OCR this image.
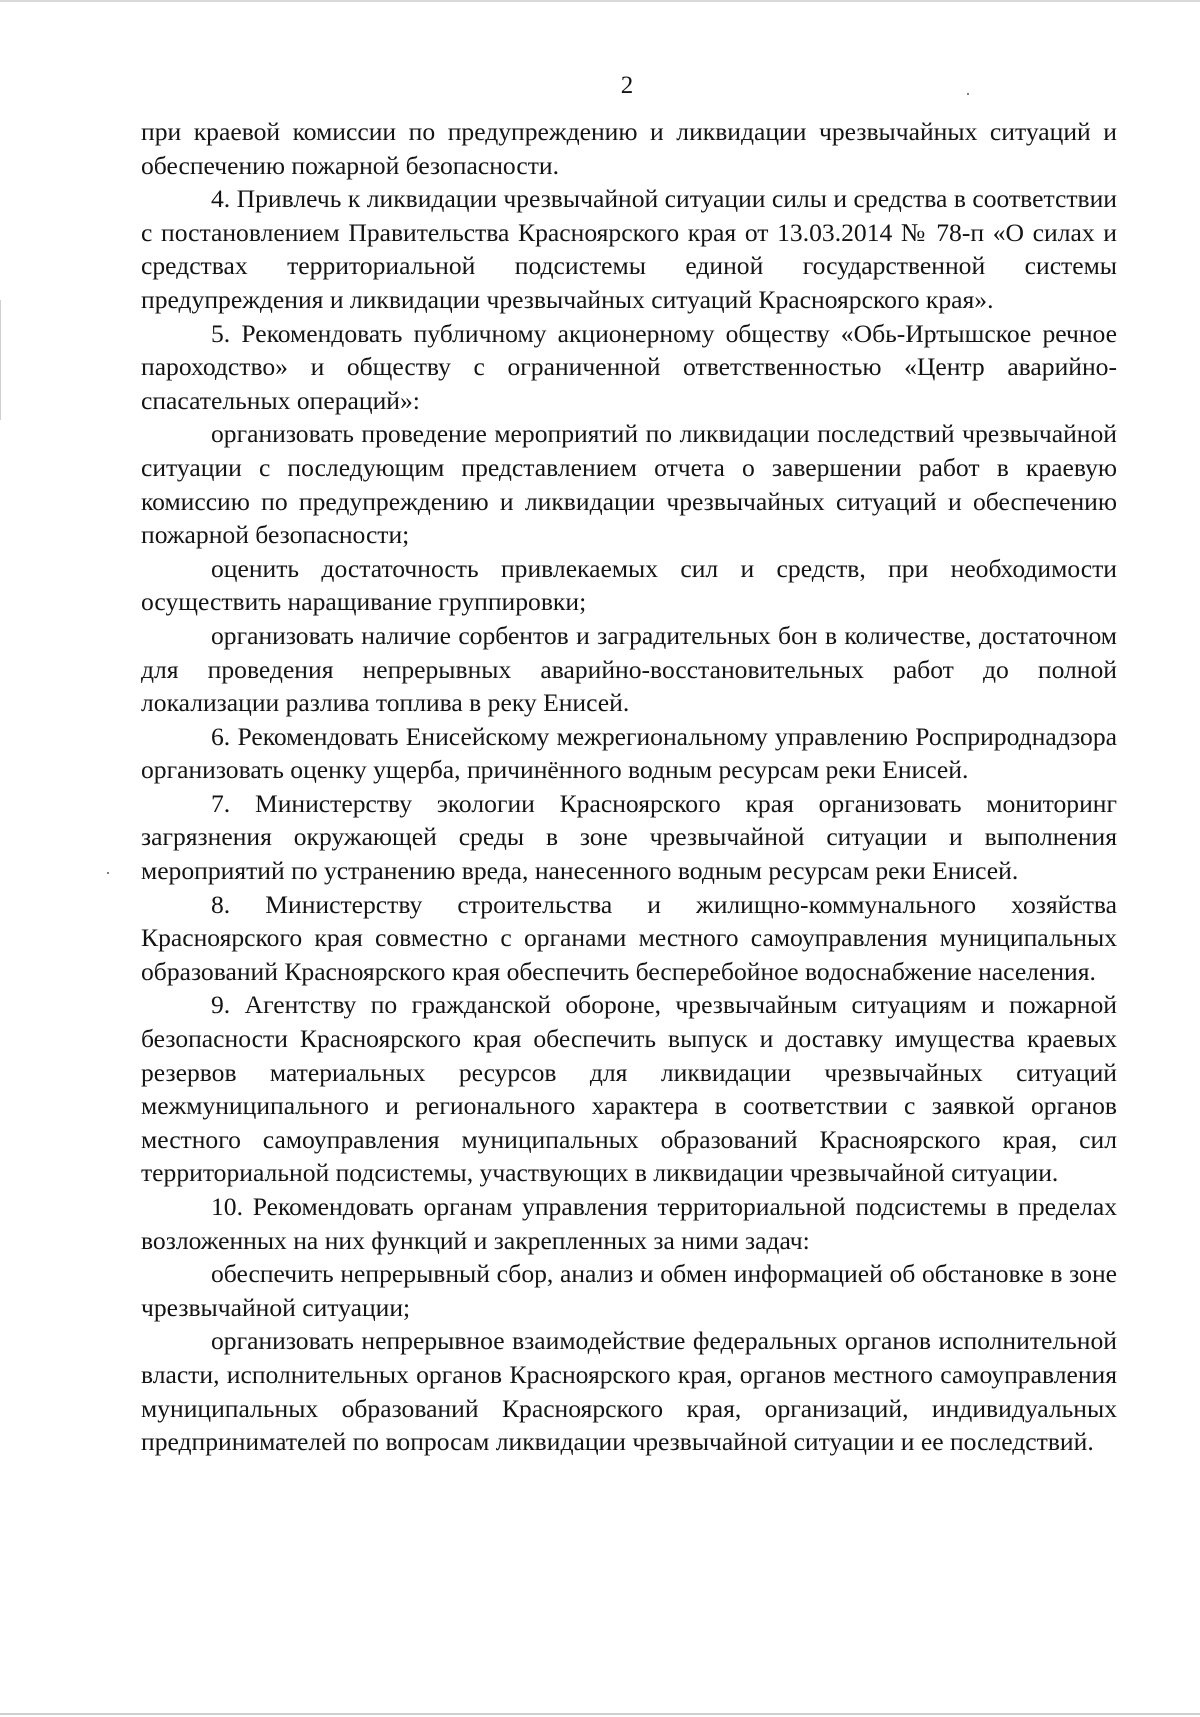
2

при краевой комиссии по предупреждению и ликвидации чрезвычайных ситуаций и обеспечению пожарной безопасности.

4. Привлечь к ликвидации чрезвычайной ситуации силы и средства в соответствии с постановлением Правительства Красноярского края от 13.03.2014 № 78-п «О силах и средствах территориальной подсистемы единой государственной системы предупреждения и ликвидации чрезвычайных ситуаций Красноярского края».

5. Рекомендовать публичному акционерному обществу «Обь-Иртышское речное пароходство» и обществу с ограниченной ответственностью «Центр аварийно-спасательных операций»:

организовать проведение мероприятий по ликвидации последствий чрезвычайной ситуации с последующим представлением отчета о завершении работ в краевую комиссию по предупреждению и ликвидации чрезвычайных ситуаций и обеспечению пожарной безопасности;

оценить достаточность привлекаемых сил и средств, при необходимости осуществить наращивание группировки;

организовать наличие сорбентов и заградительных бон в количестве, достаточном для проведения непрерывных аварийно-восстановительных работ до полной локализации разлива топлива в реку Енисей.

6. Рекомендовать Енисейскому межрегиональному управлению Росприроднадзора организовать оценку ущерба, причинённого водным ресурсам реки Енисей.

7. Министерству экологии Красноярского края организовать мониторинг загрязнения окружающей среды в зоне чрезвычайной ситуации и выполнения мероприятий по устранению вреда, нанесенного водным ресурсам реки Енисей.

8. Министерству строительства и жилищно-коммунального хозяйства Красноярского края совместно с органами местного самоуправления муниципальных образований Красноярского края обеспечить бесперебойное водоснабжение населения.

9. Агентству по гражданской обороне, чрезвычайным ситуациям и пожарной безопасности Красноярского края обеспечить выпуск и доставку имущества краевых резервов материальных ресурсов для ликвидации чрезвычайных ситуаций межмуниципального и регионального характера в соответствии с заявкой органов местного самоуправления муниципальных образований Красноярского края, сил территориальной подсистемы, участвующих в ликвидации чрезвычайной ситуации.

10. Рекомендовать органам управления территориальной подсистемы в пределах возложенных на них функций и закрепленных за ними задач:

обеспечить непрерывный сбор, анализ и обмен информацией об обстановке в зоне чрезвычайной ситуации;

организовать непрерывное взаимодействие федеральных органов исполнительной власти, исполнительных органов Красноярского края, органов местного самоуправления муниципальных образований Красноярского края, организаций, индивидуальных предпринимателей по вопросам ликвидации чрезвычайной ситуации и ее последствий.
